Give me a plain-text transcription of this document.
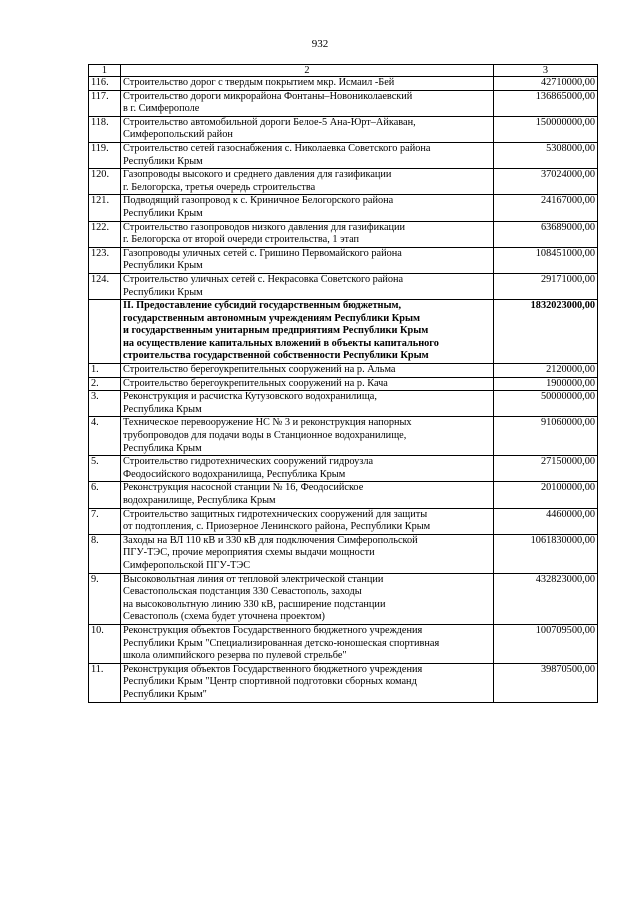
932
1	2	3
116.	Строительство дорог с твердым покрытием мкр. Исмаил -Бей	42710000,00
117.	Строительство дороги микрорайона Фонтаны–Новониколаевский
в г. Симферополе	136865000,00
118.	Строительство автомобильной дороги Белое-5 Ана-Юрт–Айкаван,
Симферопольский район	150000000,00
119.	Строительство сетей газоснабжения с. Николаевка Советского района
Республики Крым	5308000,00
120.	Газопроводы высокого и среднего давления для газификации
г. Белогорска, третья очередь строительства	37024000,00
121.	Подводящий газопровод к с. Криничное Белогорского района
Республики Крым	24167000,00
122.	Строительство газопроводов низкого давления для газификации
г. Белогорска от второй очереди строительства, 1 этап	63689000,00
123.	Газопроводы уличных сетей с. Гришино Первомайского района
Республики Крым	108451000,00
124.	Строительство уличных сетей с. Некрасовка Советского района
Республики Крым	29171000,00
	II. Предоставление субсидий государственным бюджетным,
государственным автономным учреждениям Республики Крым
и государственным унитарным предприятиям Республики Крым
на осуществление капитальных вложений в объекты капитального
строительства государственной собственности Республики Крым	1832023000,00
1.	Строительство берегоукрепительных сооружений на р. Альма	2120000,00
2.	Строительство берегоукрепительных сооружений на р. Кача	1900000,00
3.	Реконструкция и расчистка Кутузовского водохранилища,
Республика Крым	50000000,00
4.	Техническое перевооружение НС № 3 и реконструкция напорных
трубопроводов для подачи воды в Станционное водохранилище,
Республика Крым	91060000,00
5.	Строительство гидротехнических сооружений гидроузла
Феодосийского водохранилища, Республика Крым	27150000,00
6.	Реконструкция насосной станции № 16, Феодосийское
водохранилище, Республика Крым	20100000,00
7.	Строительство защитных гидротехнических сооружений для защиты
от подтопления, с. Приозерное Ленинского района, Республики Крым	4460000,00
8.	Заходы на ВЛ 110 кВ и 330 кВ для подключения Симферопольской
ПГУ-ТЭС, прочие мероприятия схемы выдачи мощности
Симферопольской ПГУ-ТЭС	1061830000,00
9.	Высоковольтная линия от тепловой электрической станции
Севастопольская подстанция 330 Севастополь, заходы
на высоковольтную линию 330 кВ, расширение подстанции
Севастополь (схема будет уточнена проектом)	432823000,00
10.	Реконструкция объектов Государственного бюджетного учреждения
Республики Крым "Специализированная детско-юношеская спортивная
школа олимпийского резерва по пулевой стрельбе"	100709500,00
11.	Реконструкция объектов Государственного бюджетного учреждения
Республики Крым "Центр спортивной подготовки сборных команд
Республики Крым"	39870500,00
